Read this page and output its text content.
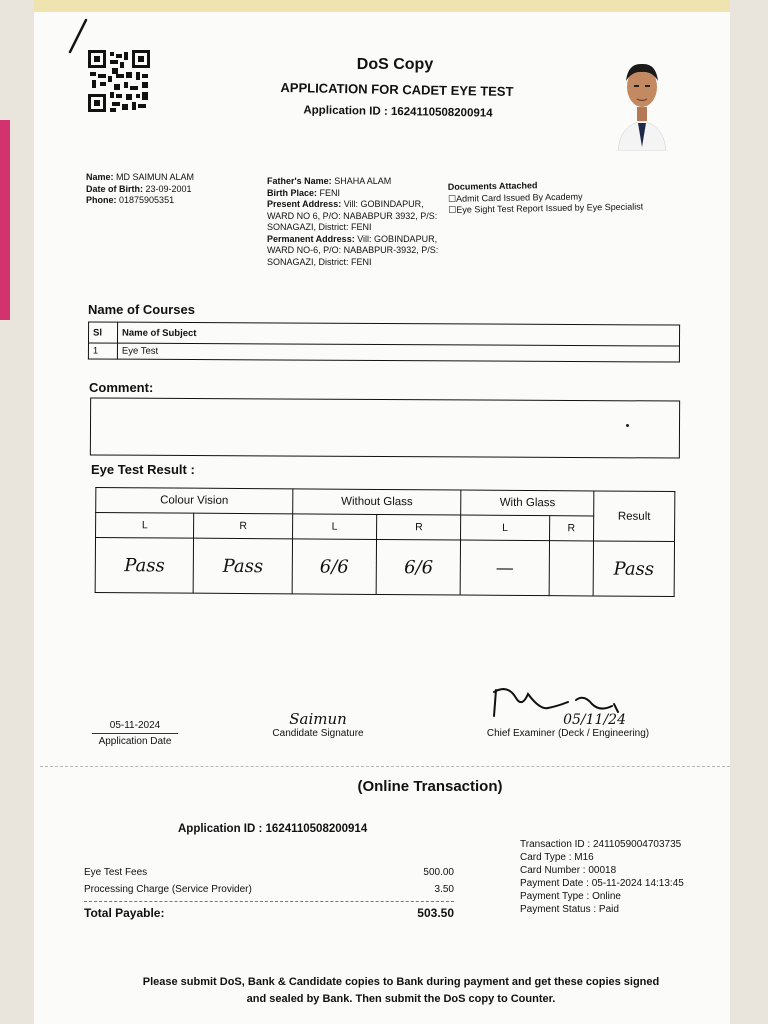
DoS Copy
APPLICATION FOR CADET EYE TEST
Application ID : 1624110508200914
Name: MD SAIMUN ALAM
Date of Birth: 23-09-2001
Phone: 01875905351
Father's Name: SHAHA ALAM
Birth Place: FENI
Present Address: Vill: GOBINDAPUR, WARD NO 6, P/O: NABABPUR 3932, P/S: SONAGAZI, District: FENI
Permanent Address: Vill: GOBINDAPUR, WARD NO-6, P/O: NABABPUR-3932, P/S: SONAGAZI, District: FENI
Documents Attached
☐Admit Card Issued By Academy
☐Eye Sight Test Report Issued by Eye Specialist
Name of Courses
Sl	Name of Subject
1	Eye Test
Comment:
Eye Test Result :
Colour Vision		Without Glass		With Glass		Result
L	R	L	R	L	R	
Pass	Pass	6/6	6/6	—		Pass
05-11-2024
Application Date
Saimun
Candidate Signature
05/11/24
Chief Examiner (Deck / Engineering)
(Online Transaction)
Application ID : 1624110508200914
Eye Test Fees	500.00
Processing Charge (Service Provider)	3.50
Total Payable:	503.50
Transaction ID : 2411059004703735
Card Type : M16
Card Number : 00018
Payment Date : 05-11-2024 14:13:45
Payment Type : Online
Payment Status : Paid
Please submit DoS, Bank & Candidate copies to Bank during payment and get these copies signed
and sealed by Bank. Then submit the DoS copy to Counter.
